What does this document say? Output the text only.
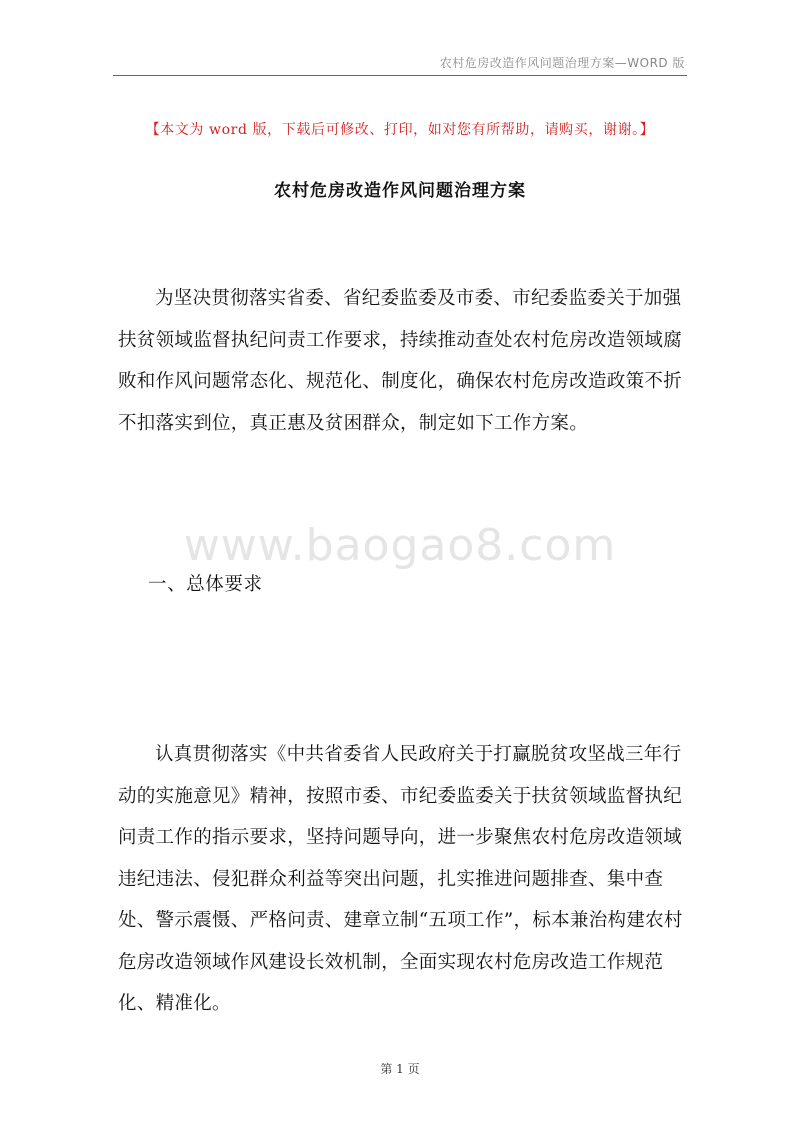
农村危房改造作风问题治理方案—WORD 版
【本文为 word 版，下载后可修改、打印，如对您有所帮助，请购买，谢谢。】
农村危房改造作风问题治理方案

为坚决贯彻落实省委、省纪委监委及市委、市纪委监委关于加强扶贫领域监督执纪问责工作要求，持续推动查处农村危房改造领域腐败和作风问题常态化、规范化、制度化，确保农村危房改造政策不折不扣落实到位，真正惠及贫困群众，制定如下工作方案。

www.baogao8.com
一、总体要求

认真贯彻落实《中共省委省人民政府关于打赢脱贫攻坚战三年行动的实施意见》精神，按照市委、市纪委监委关于扶贫领域监督执纪问责工作的指示要求，坚持问题导向，进一步聚焦农村危房改造领域违纪违法、侵犯群众利益等突出问题，扎实推进问题排查、集中查处、警示震慑、严格问责、建章立制“五项工作”，标本兼治构建农村危房改造领域作风建设长效机制，全面实现农村危房改造工作规范化、精准化。

第 1 页
